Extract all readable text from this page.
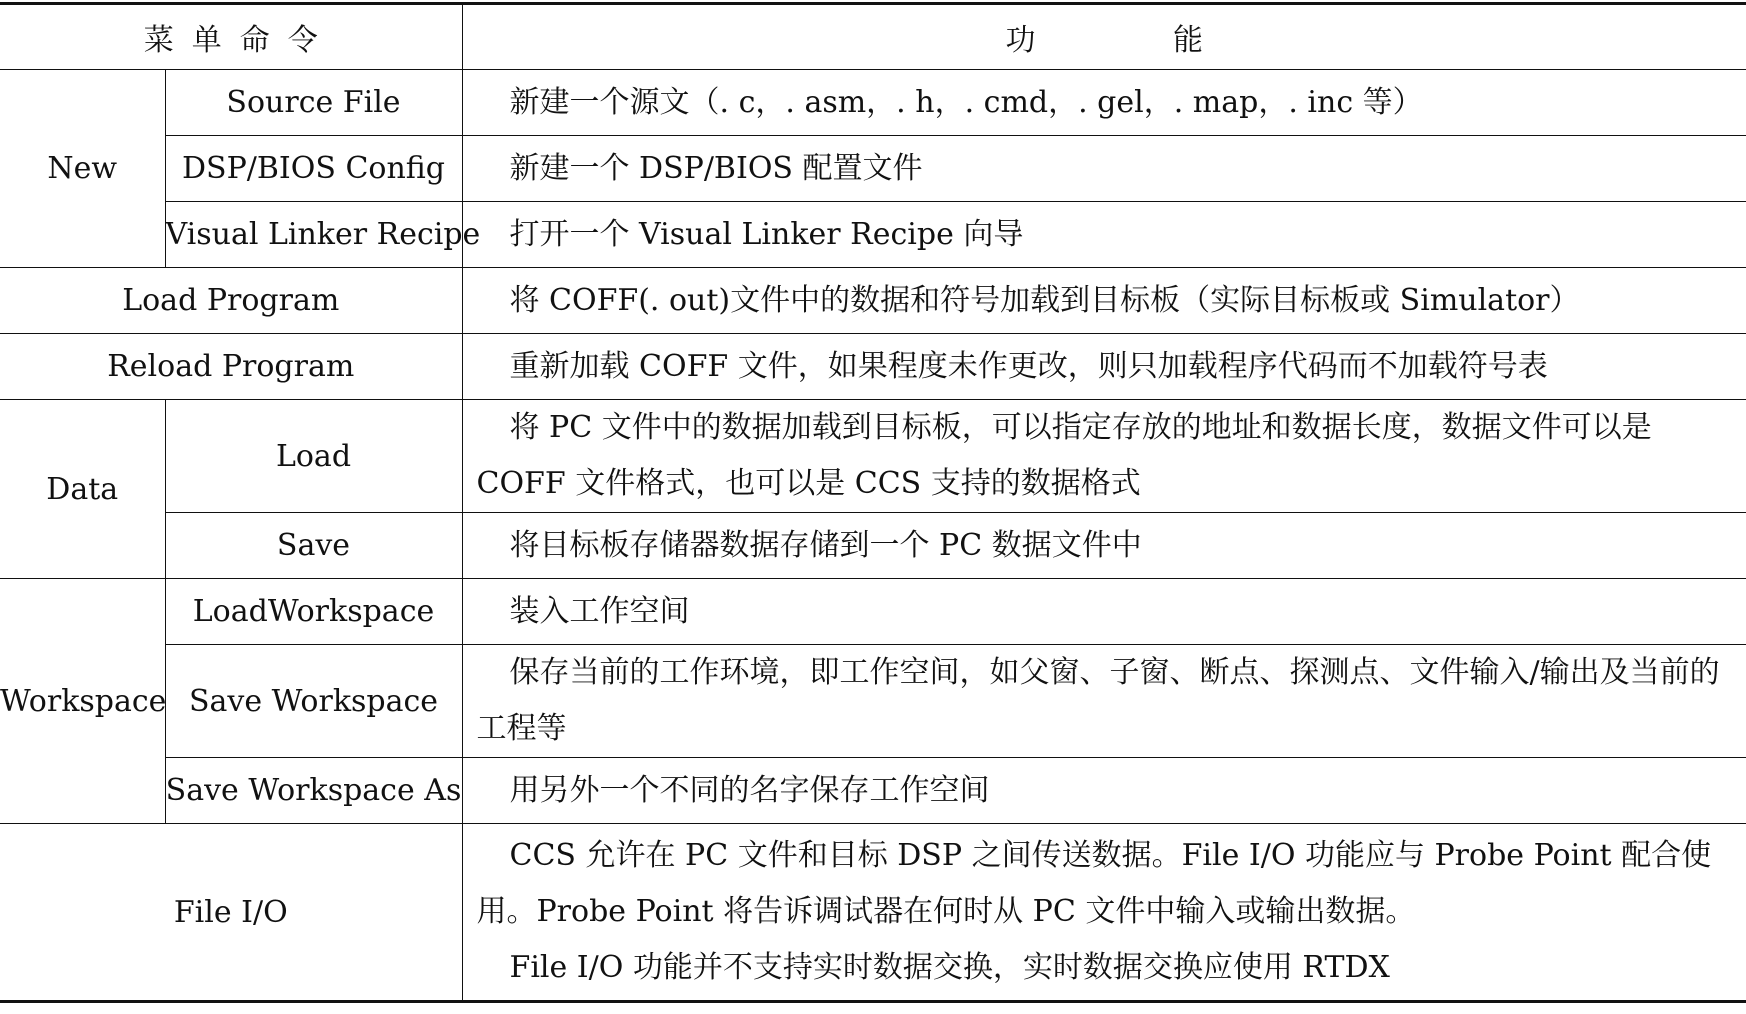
菜单命令		功 能
New	Source File	新建一个源文（. c，. asm，. h，. cmd，. gel，. map，. inc 等）

	DSP/BIOS Config	新建一个 DSP/BIOS 配置文件

	Visual Linker Recipe	打开一个 Visual Linker Recipe 向导

Load Program		将 COFF(. out)文件中的数据和符号加载到目标板（实际目标板或 Simulator）

Reload Program		重新加载 COFF 文件，如果程度未作更改，则只加载程序代码而不加载符号表

Data	Load	将 PC 文件中的数据加载到目标板，可以指定存放的地址和数据长度，数据文件可以是 COFF 文件格式，也可以是 CCS 支持的数据格式

	Save	将目标板存储器数据存储到一个 PC 数据文件中

Workspace	LoadWorkspace	装入工作空间

	Save Workspace	保存当前的工作环境，即工作空间，如父窗、子窗、断点、探测点、文件输入/输出及当前的工程等

	Save Workspace As	用另外一个不同的名字保存工作空间

File I/O		CCS 允许在 PC 文件和目标 DSP 之间传送数据。File I/O 功能应与 Probe Point 配合使用。Probe Point 将告诉调试器在何时从 PC 文件中输入或输出数据。

File I/O 功能并不支持实时数据交换，实时数据交换应使用 RTDX
